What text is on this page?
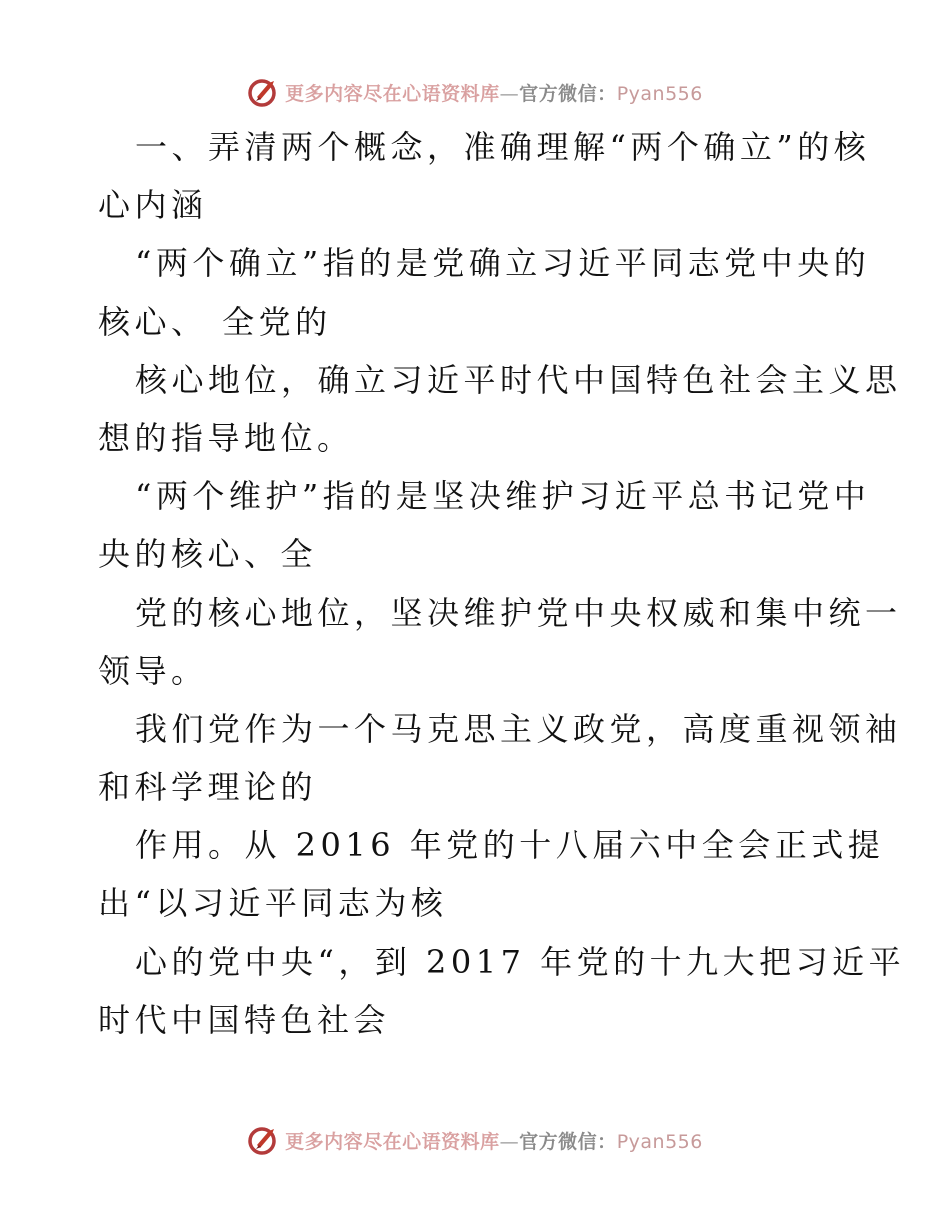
更多内容尽在心语资料库—官方微信：Pyan556
一、弄清两个概念，准确理解“两个确立”的核
心内涵
“两个确立”指的是党确立习近平同志党中央的
核心、 全党的
核心地位，确立习近平时代中国特色社会主义思
想的指导地位。
“两个维护”指的是坚决维护习近平总书记党中
央的核心、全
党的核心地位，坚决维护党中央权威和集中统一
领导。
我们党作为一个马克思主义政党，高度重视领袖
和科学理论的
作用。从 2016 年党的十八届六中全会正式提
出“以习近平同志为核
心的党中央“，到 2017 年党的十九大把习近平
时代中国特色社会
更多内容尽在心语资料库—官方微信：Pyan556
